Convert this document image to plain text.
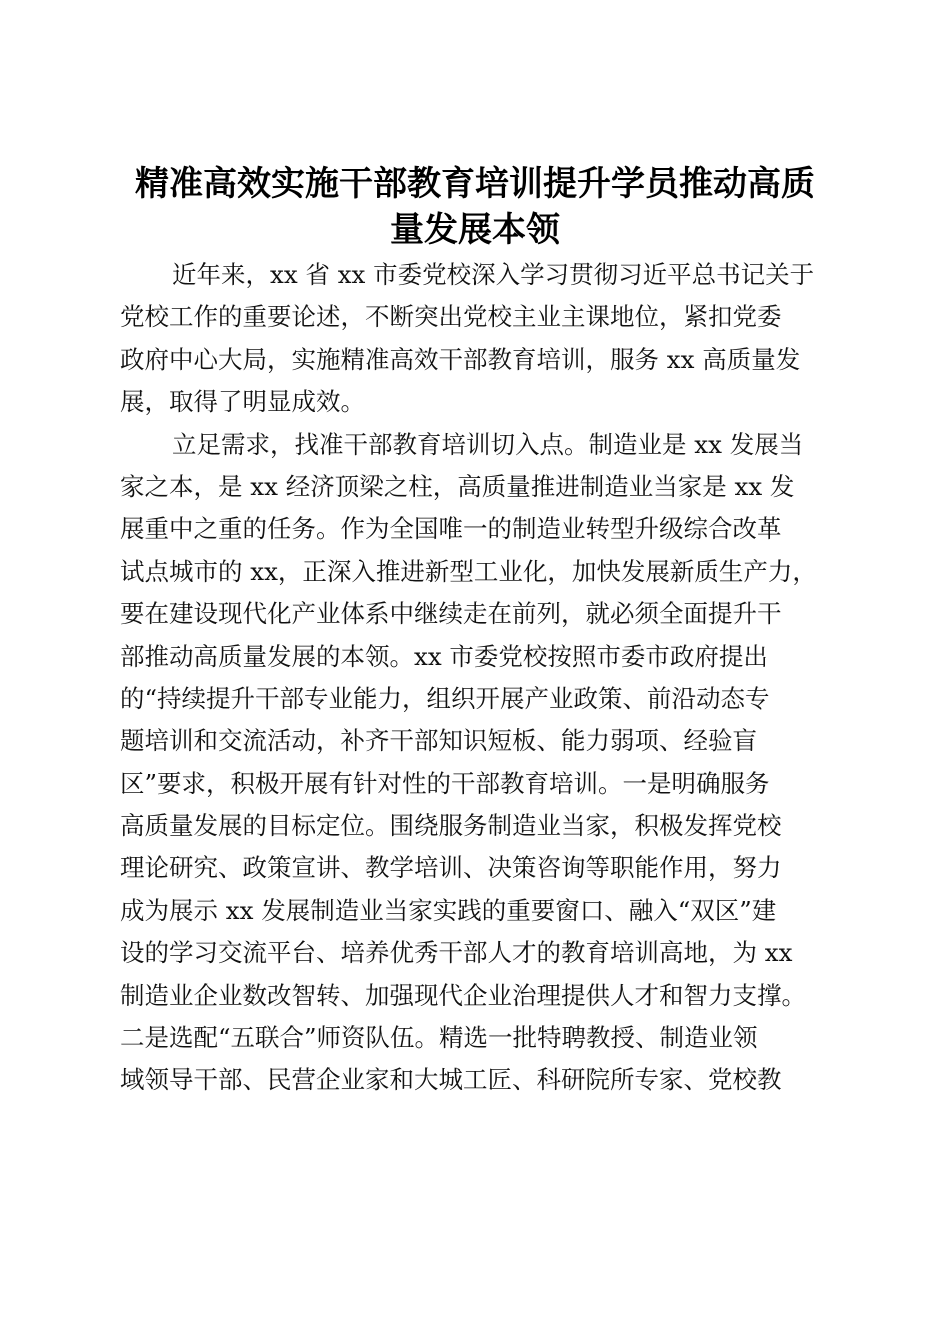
精准高效实施干部教育培训提升学员推动高质
量发展本领

近年来，xx 省 xx 市委党校深入学习贯彻习近平总书记关于
党校工作的重要论述，不断突出党校主业主课地位，紧扣党委
政府中心大局，实施精准高效干部教育培训，服务 xx 高质量发
展，取得了明显成效。

立足需求，找准干部教育培训切入点。制造业是 xx 发展当
家之本，是 xx 经济顶梁之柱，高质量推进制造业当家是 xx 发
展重中之重的任务。作为全国唯一的制造业转型升级综合改革
试点城市的 xx，正深入推进新型工业化，加快发展新质生产力，
要在建设现代化产业体系中继续走在前列，就必须全面提升干
部推动高质量发展的本领。xx 市委党校按照市委市政府提出
的“持续提升干部专业能力，组织开展产业政策、前沿动态专
题培训和交流活动，补齐干部知识短板、能力弱项、经验盲
区”要求，积极开展有针对性的干部教育培训。一是明确服务
高质量发展的目标定位。围绕服务制造业当家，积极发挥党校
理论研究、政策宣讲、教学培训、决策咨询等职能作用，努力
成为展示 xx 发展制造业当家实践的重要窗口、融入“双区”建
设的学习交流平台、培养优秀干部人才的教育培训高地，为 xx
制造业企业数改智转、加强现代企业治理提供人才和智力支撑。
二是选配“五联合”师资队伍。精选一批特聘教授、制造业领
域领导干部、民营企业家和大城工匠、科研院所专家、党校教
